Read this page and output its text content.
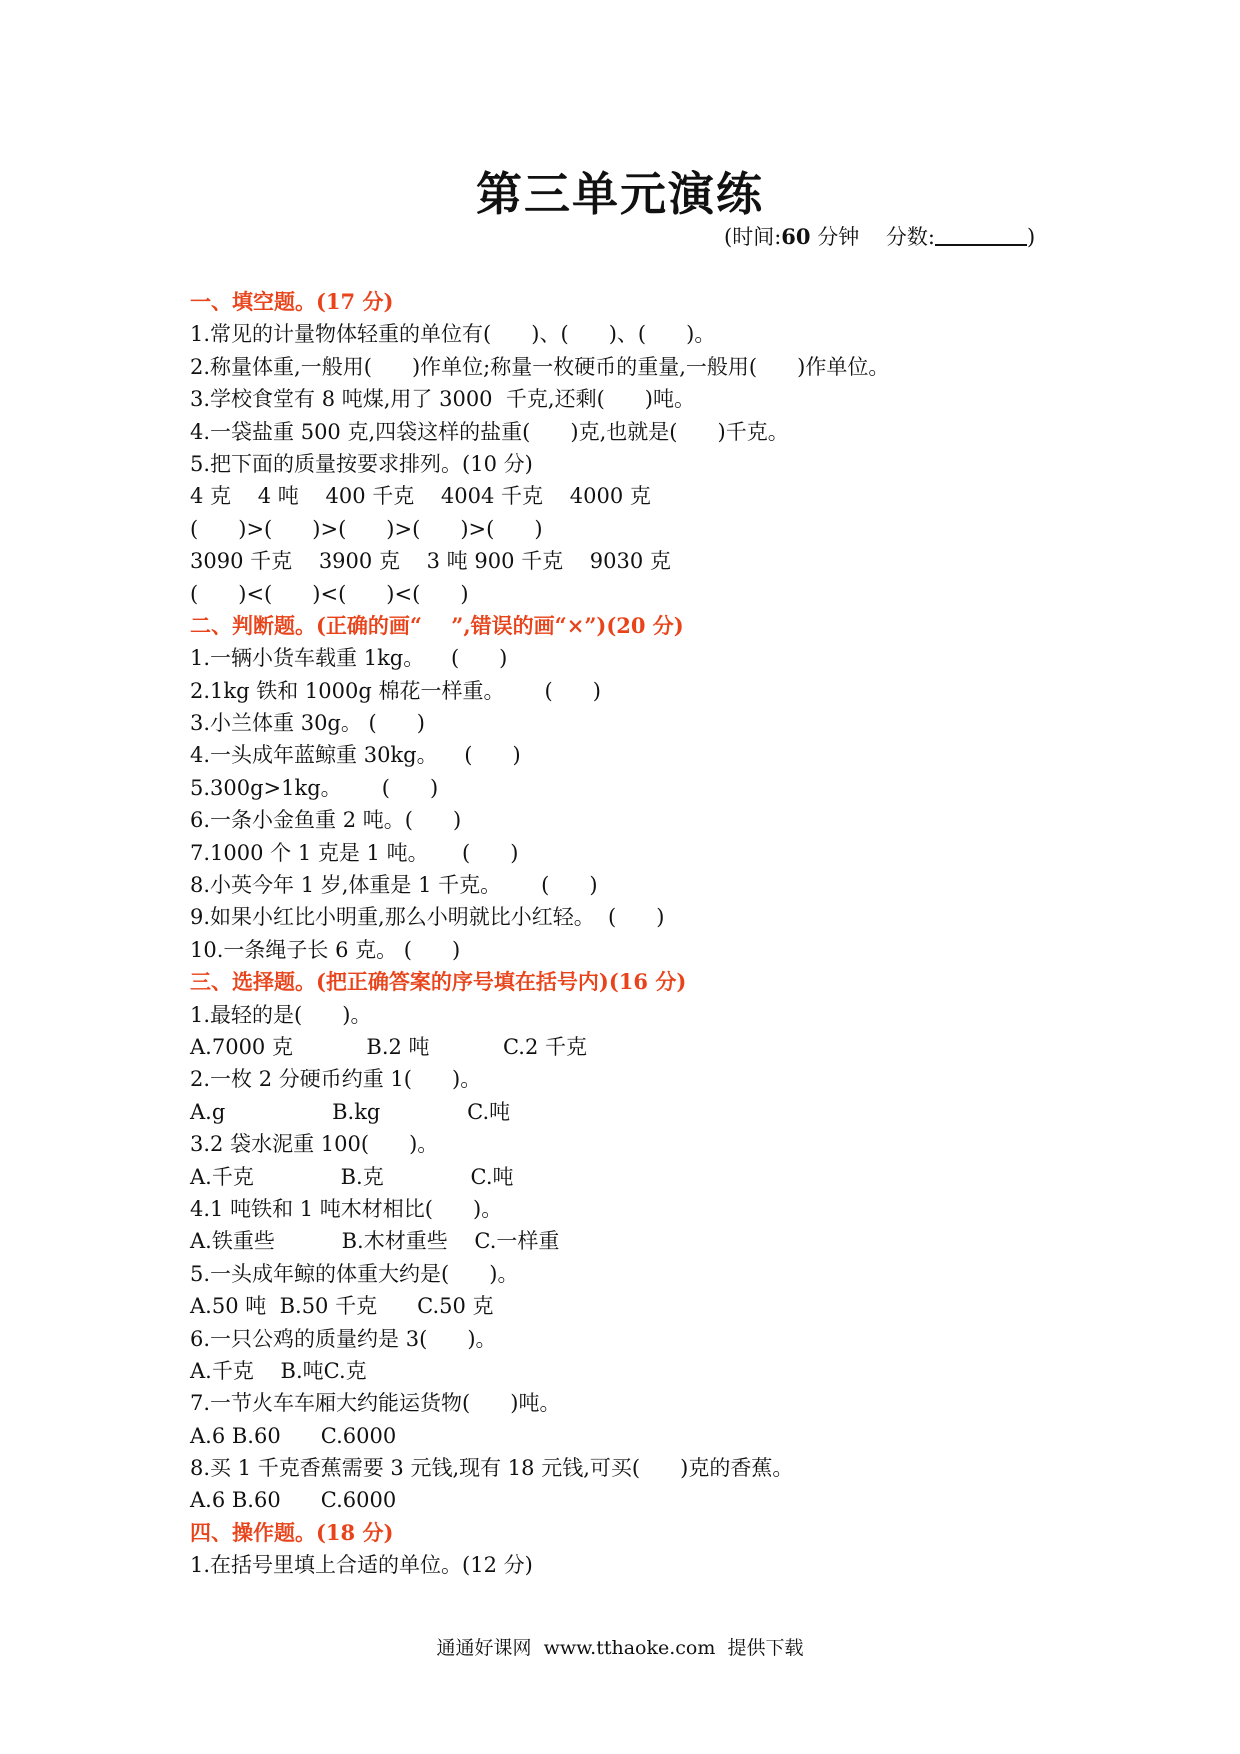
第三单元演练
(时间:60 分钟 分数:	)
一、填空题。(17 分)
1.常见的计量物体轻重的单位有(      )、(      )、(      )。
2.称量体重,一般用(      )作单位;称量一枚硬币的重量,一般用(      )作单位。
3.学校食堂有 8 吨煤,用了 3000  千克,还剩(      )吨。
4.一袋盐重 500 克,四袋这样的盐重(      )克,也就是(      )千克。
5.把下面的质量按要求排列。(10 分)
4 克    4 吨    400 千克    4004 千克    4000 克
(      )>(      )>(      )>(      )>(      )
3090 千克    3900 克    3 吨 900 千克    9030 克
(      )<(      )<(      )<(      )
二、判断题。(正确的画“    ”,错误的画“×”)(20 分)
1.一辆小货车载重 1kg。    (      )
2.1kg 铁和 1000g 棉花一样重。      (      )
3.小兰体重 30g。 (      )
4.一头成年蓝鲸重 30kg。    (      )
5.300g>1kg。      (      )
6.一条小金鱼重 2 吨。(      )
7.1000 个 1 克是 1 吨。     (      )
8.小英今年 1 岁,体重是 1 千克。      (      )
9.如果小红比小明重,那么小明就比小红轻。  (      )
10.一条绳子长 6 克。 (      )
三、选择题。(把正确答案的序号填在括号内)(16 分)
1.最轻的是(      )。
A.7000 克           B.2 吨           C.2 千克
2.一枚 2 分硬币约重 1(      )。
A.g                B.kg             C.吨
3.2 袋水泥重 100(      )。
A.千克             B.克             C.吨
4.1 吨铁和 1 吨木材相比(      )。
A.铁重些          B.木材重些    C.一样重
5.一头成年鲸的体重大约是(      )。
A.50 吨  B.50 千克      C.50 克
6.一只公鸡的质量约是 3(      )。
A.千克    B.吨C.克
7.一节火车车厢大约能运货物(      )吨。
A.6 B.60      C.6000
8.买 1 千克香蕉需要 3 元钱,现有 18 元钱,可买(      )克的香蕉。
A.6 B.60      C.6000
四、操作题。(18 分)
1.在括号里填上合适的单位。(12 分)
通通好课网  www.tthaoke.com  提供下载
